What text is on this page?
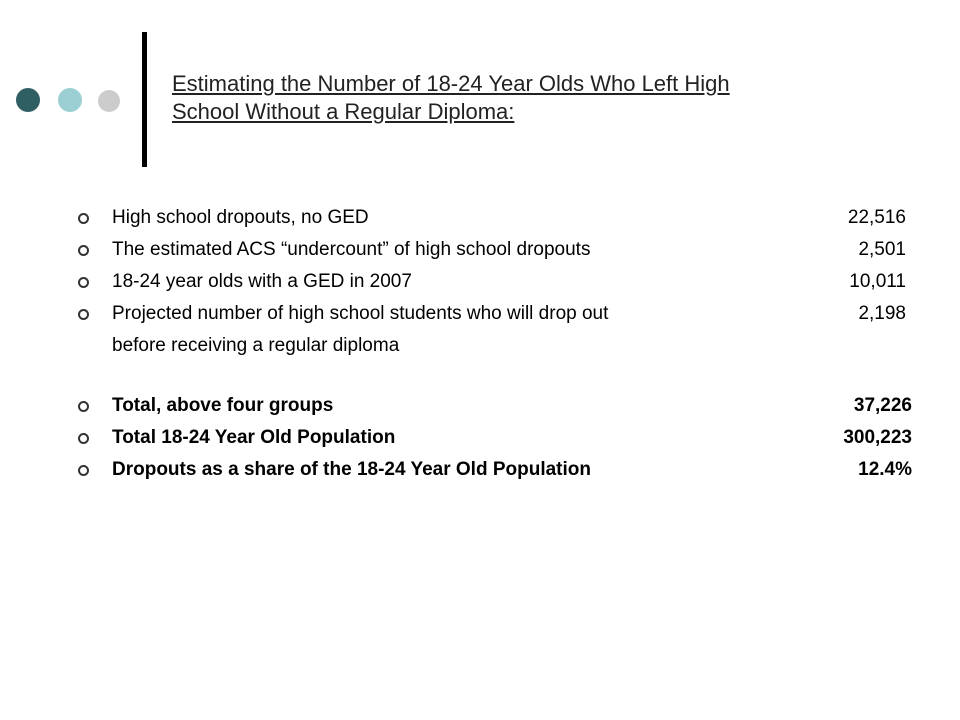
Estimating the Number of 18-24 Year Olds Who Left High
School Without a Regular Diploma:
High school dropouts, no GED	22,516
The estimated ACS “undercount” of high school dropouts	2,501
18-24 year olds with a GED in 2007	10,011
Projected number of high school students who will drop out	2,198
before receiving a regular diploma
Total, above four groups	37,226
Total 18-24 Year Old Population	300,223
Dropouts as a share of the 18-24 Year Old Population	12.4%
